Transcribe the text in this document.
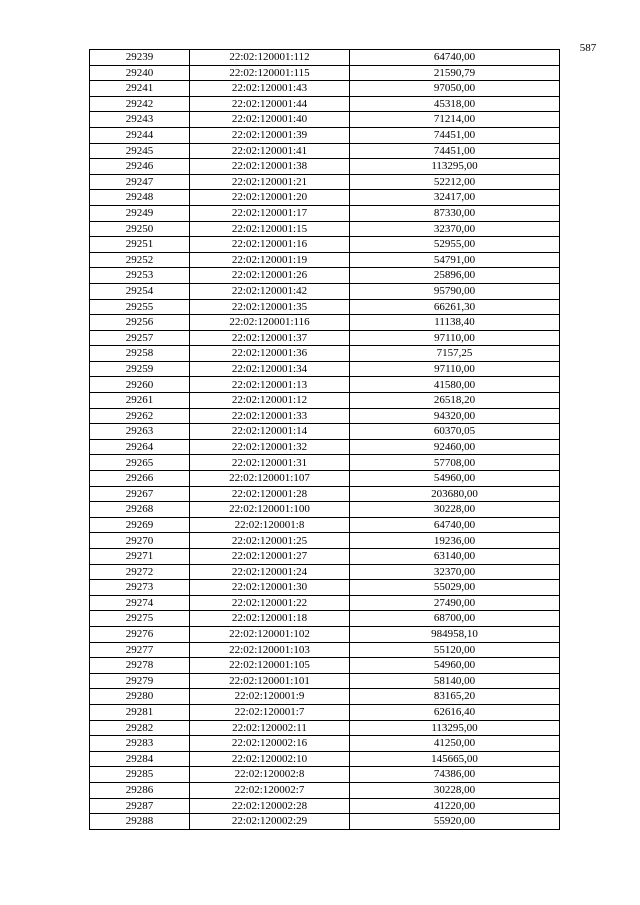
587
29239	22:02:120001:112	64740,00
29240	22:02:120001:115	21590,79
29241	22:02:120001:43	97050,00
29242	22:02:120001:44	45318,00
29243	22:02:120001:40	71214,00
29244	22:02:120001:39	74451,00
29245	22:02:120001:41	74451,00
29246	22:02:120001:38	113295,00
29247	22:02:120001:21	52212,00
29248	22:02:120001:20	32417,00
29249	22:02:120001:17	87330,00
29250	22:02:120001:15	32370,00
29251	22:02:120001:16	52955,00
29252	22:02:120001:19	54791,00
29253	22:02:120001:26	25896,00
29254	22:02:120001:42	95790,00
29255	22:02:120001:35	66261,30
29256	22:02:120001:116	11138,40
29257	22:02:120001:37	97110,00
29258	22:02:120001:36	7157,25
29259	22:02:120001:34	97110,00
29260	22:02:120001:13	41580,00
29261	22:02:120001:12	26518,20
29262	22:02:120001:33	94320,00
29263	22:02:120001:14	60370,05
29264	22:02:120001:32	92460,00
29265	22:02:120001:31	57708,00
29266	22:02:120001:107	54960,00
29267	22:02:120001:28	203680,00
29268	22:02:120001:100	30228,00
29269	22:02:120001:8	64740,00
29270	22:02:120001:25	19236,00
29271	22:02:120001:27	63140,00
29272	22:02:120001:24	32370,00
29273	22:02:120001:30	55029,00
29274	22:02:120001:22	27490,00
29275	22:02:120001:18	68700,00
29276	22:02:120001:102	984958,10
29277	22:02:120001:103	55120,00
29278	22:02:120001:105	54960,00
29279	22:02:120001:101	58140,00
29280	22:02:120001:9	83165,20
29281	22:02:120001:7	62616,40
29282	22:02:120002:11	113295,00
29283	22:02:120002:16	41250,00
29284	22:02:120002:10	145665,00
29285	22:02:120002:8	74386,00
29286	22:02:120002:7	30228,00
29287	22:02:120002:28	41220,00
29288	22:02:120002:29	55920,00
